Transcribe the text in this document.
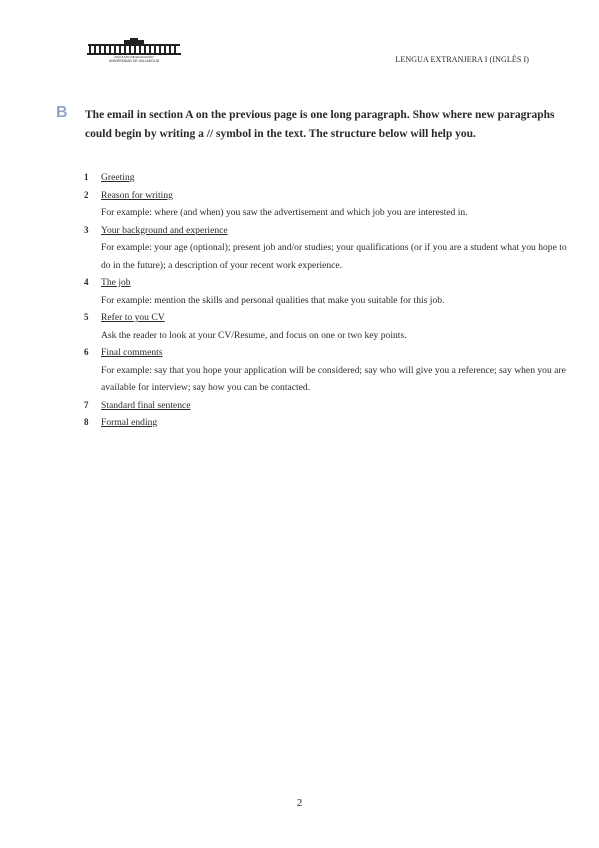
FACULTAD DE EDUCACIÓN
UNIVERSIDAD DE VALLADOLID	LENGUA EXTRANJERA I (INGLÉS I)
B The email in section A on the previous page is one long paragraph. Show where new paragraphs could begin by writing a // symbol in the text. The structure below will help you.
1	Greeting
2	Reason for writing
For example: where (and when) you saw the advertisement and which job you are interested in.
3	Your background and experience
For example: your age (optional); present job and/or studies; your qualifications (or if you are a student what you hope to do in the future); a description of your recent work experience.
4	The job
For example: mention the skills and personal qualities that make you suitable for this job.
5	Refer to you CV
Ask the reader to look at your CV/Resume, and focus on one or two key points.
6	Final comments
For example: say that you hope your application will be considered; say who will give you a reference; say when you are available for interview; say how you can be contacted.
7	Standard final sentence
8	Formal ending
2
